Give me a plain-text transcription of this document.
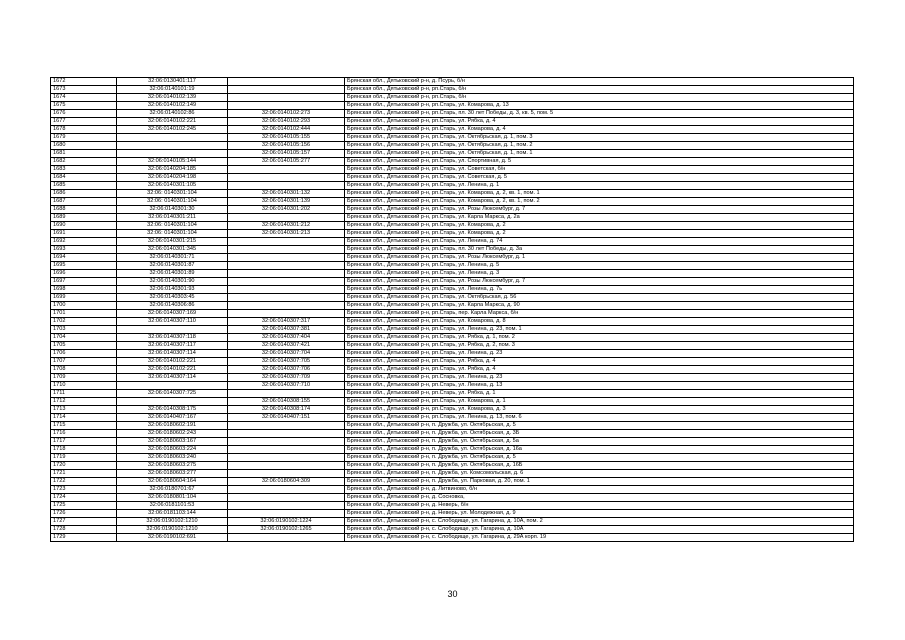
1672	32:06:0130401:117		Брянская обл., Дятьковский р-н, д. Псурь, б/н
1673	32:06:0140101:19		Брянская обл., Дятьковский р-н, рп.Старь, б/н
1674	32:06:0140102:139		Брянская обл., Дятьковский р-н, рп.Старь, б/н
1675	32:06:0140102:149		Брянская обл., Дятьковский р-н, рп.Старь, ул. Комарова, д. 13
1676	32:06:0140102:86	32:06:0140102:273	Брянская обл., Дятьковский р-н, рп.Старь, пл. 30 лет Победы, д. 3, кв. 5, пом. 5
1677	32:06:0140102:221	32:06:0140102:293	Брянская обл., Дятьковский р-н, рп.Старь, ул. Рябка, д. 4
1678	32:06:0140102:245	32:06:0140102:444	Брянская обл., Дятьковский р-н, рп.Старь, ул. Комарова, д. 4
1679		32:06:0140105:155	Брянская обл., Дятьковский р-н, рп.Старь, ул. Октябрьская, д. 1, пом. 3
1680		32:06:0140105:156	Брянская обл., Дятьковский р-н, рп.Старь, ул. Октябрьская, д. 1, пом. 2
1681		32:06:0140105:157	Брянская обл., Дятьковский р-н, рп.Старь, ул. Октябрьская, д. 1, пом. 1
1682	32:06:0140105:144	32:06:0140105:277	Брянская обл., Дятьковский р-н, рп.Старь, ул. Спортивная, д. 5
1683	32:06:0140204:185		Брянская обл., Дятьковский р-н, рп.Старь, ул. Советская, б/н
1684	32:06:0140204:198		Брянская обл., Дятьковский р-н, рп.Старь, ул. Советская, д. 5
1685	32:06:0140301:105		Брянская обл., Дятьковский р-н, рп.Старь, ул. Ленина, д. 1
1686	32:06: 0140301:104	32:06:0140301:132	Брянская обл., Дятьковский р-н, рп.Старь, ул. Комарова, д. 2, кв. 1, пом. 1
1687	32:06: 0140301:104	32:06:0140301:139	Брянская обл., Дятьковский р-н, рп.Старь, ул. Комарова, д. 2, кв. 1, пом. 2
1688	32:06:0140301:30	32:06:0140301:202	Брянская обл., Дятьковский р-н, рп.Старь, ул. Розы Люксембург, д. 7
1689	32:06:0140301:211		Брянская обл., Дятьковский р-н, рп.Старь, ул. Карла Маркса, д. 2а
1690	32:06: 0140301:104	32:06:0140301:212	Брянская обл., Дятьковский р-н, рп.Старь, ул. Комарова, д. 2
1691	32:06: 0140301:104	32:06:0140301:213	Брянская обл., Дятьковский р-н, рп.Старь, ул. Комарова, д. 2
1692	32:06:0140301:215		Брянская обл., Дятьковский р-н, рп.Старь, ул. Ленина, д. 74
1693	32:06:0140301:345		Брянская обл., Дятьковский р-н, рп.Старь, пл. 30 лет Победы, д. 3а
1694	32:06:0140301:71		Брянская обл., Дятьковский р-н, рп.Старь, ул. Розы Люксембург, д. 1
1695	32:06:0140301:87		Брянская обл., Дятьковский р-н, рп.Старь, ул. Ленина, д. 5
1696	32:06:0140301:89		Брянская обл., Дятьковский р-н, рп.Старь, ул. Ленина, д. 3
1697	32:06:0140301:90		Брянская обл., Дятьковский р-н, рп.Старь, ул. Розы Люксембург, д. 7
1698	32:06:0140301:93		Брянская обл., Дятьковский р-н, рп.Старь, ул. Ленина, д. 7ь
1699	32:06:0140303:45		Брянская обл., Дятьковский р-н, рп.Старь, ул. Октябрьская, д. 56
1700	32:06:0140306:86		Брянская обл., Дятьковский р-н, рп.Старь, ул. Карла Маркса, д. 90
1701	32:06:0140307:169		Брянская обл., Дятьковский р-н, рп.Старь, пер. Карла Маркса, б/н
1702	32:06:0140307:110	32:06:0140307:317	Брянская обл., Дятьковский р-н, рп.Старь, ул. Комарова, д. 8
1703		32:06:0140307:381	Брянская обл., Дятьковский р-н, рп.Старь, ул. Ленина, д. 23, пом. 1
1704	32:06:0140307:118	32:06:0140307:404	Брянская обл., Дятьковский р-н, рп.Старь, ул. Рябка, д. 1, пом. 2
1705	32:06:0140307:117	32:06:0140307:421	Брянская обл., Дятьковский р-н, рп.Старь, ул. Рябка, д. 2, пом. 3
1706	32:06:0140307:114	32:06:0140307:704	Брянская обл., Дятьковский р-н, рп.Старь, ул. Ленина, д. 23
1707	32:06:0140102:221	32:06:0140307:705	Брянская обл., Дятьковский р-н, рп.Старь, ул. Рябка, д. 4
1708	32:06:0140102:221	32:06:0140307:706	Брянская обл., Дятьковский р-н, рп.Старь, ул. Рябка, д. 4
1709	32:06:0140307:114	32:06:0140307:709	Брянская обл., Дятьковский р-н, рп.Старь, ул. Ленина, д. 23
1710		32:06:0140307:710	Брянская обл., Дятьковский р-н, рп.Старь, ул. Ленина, д. 13
1711	32:06:0140307:725		Брянская обл., Дятьковский р-н, рп.Старь, ул. Рябка, д. 1
1712		32:06:0140308:155	Брянская обл., Дятьковский р-н, рп.Старь, ул. Комарова, д. 1
1713	32:06:0140308:175	32:06:0140308:174	Брянская обл., Дятьковский р-н, рп.Старь, ул. Комарова, д. 3
1714	32:06:0140407:167	32:06:0140407:151	Брянская обл., Дятьковский р-н, рп.Старь, ул. Ленина, д. 13, пом. 6
1715	32:06:0180602:191		Брянская обл., Дятьковский р-н, п. Дружба, ул. Октябрьская, д. 5
1716	32:06:0180602:243		Брянская обл., Дятьковский р-н, п. Дружба, ул. Октябрьская, д. 3Б
1717	32:06:0180603:167		Брянская обл., Дятьковский р-н, п. Дружба, ул. Октябрьская, д. 5а
1718	32:06:0180603:224		Брянская обл., Дятьковский р-н, п. Дружба, ул. Октябрьская, д. 16а
1719	32:06:0180603:240		Брянская обл., Дятьковский р-н, п. Дружба, ул. Октябрьская, д. 5
1720	32:06:0180603:275		Брянская обл., Дятьковский р-н, п. Дружба, ул. Октябрьская, д. 16Б
1721	32:06:0180603:277		Брянская обл., Дятьковский р-н, п. Дружба, ул. Комсомольская, д. 6
1722	32:06:0180604:164	32:06:0180604:309	Брянская обл., Дятьковский р-н, п. Дружба, ул. Парковая, д. 20, пом. 1
1723	32:06:0180701:67		Брянская обл., Дятьковский р-н, д. Литвиново, б/н
1724	32:06:0180801:104		Брянская обл., Дятьковский р-н, д. Сосновка,
1725	32:06:0181101:53		Брянская обл., Дятьковский р-н, д. Неверь, б/н
1726	32:06:0181103:144		Брянская обл., Дятьковский р-н, д. Неверь, ул. Молодежная, д. 9
1727	32:06:0190102:1210	32:06:0190102:1224	Брянская обл., Дятьковский р-н, с. Слободище, ул. Гагарина, д. 10А, пом. 2
1728	32:06:0190102:1210	32:06:0190102:1265	Брянская обл., Дятьковский р-н, с. Слободище, ул. Гагарина, д. 10А
1729	32:06:0190102:691		Брянская обл., Дятьковский р-н, с. Слободище, ул. Гагарина, д. 29А корп. 19
30
